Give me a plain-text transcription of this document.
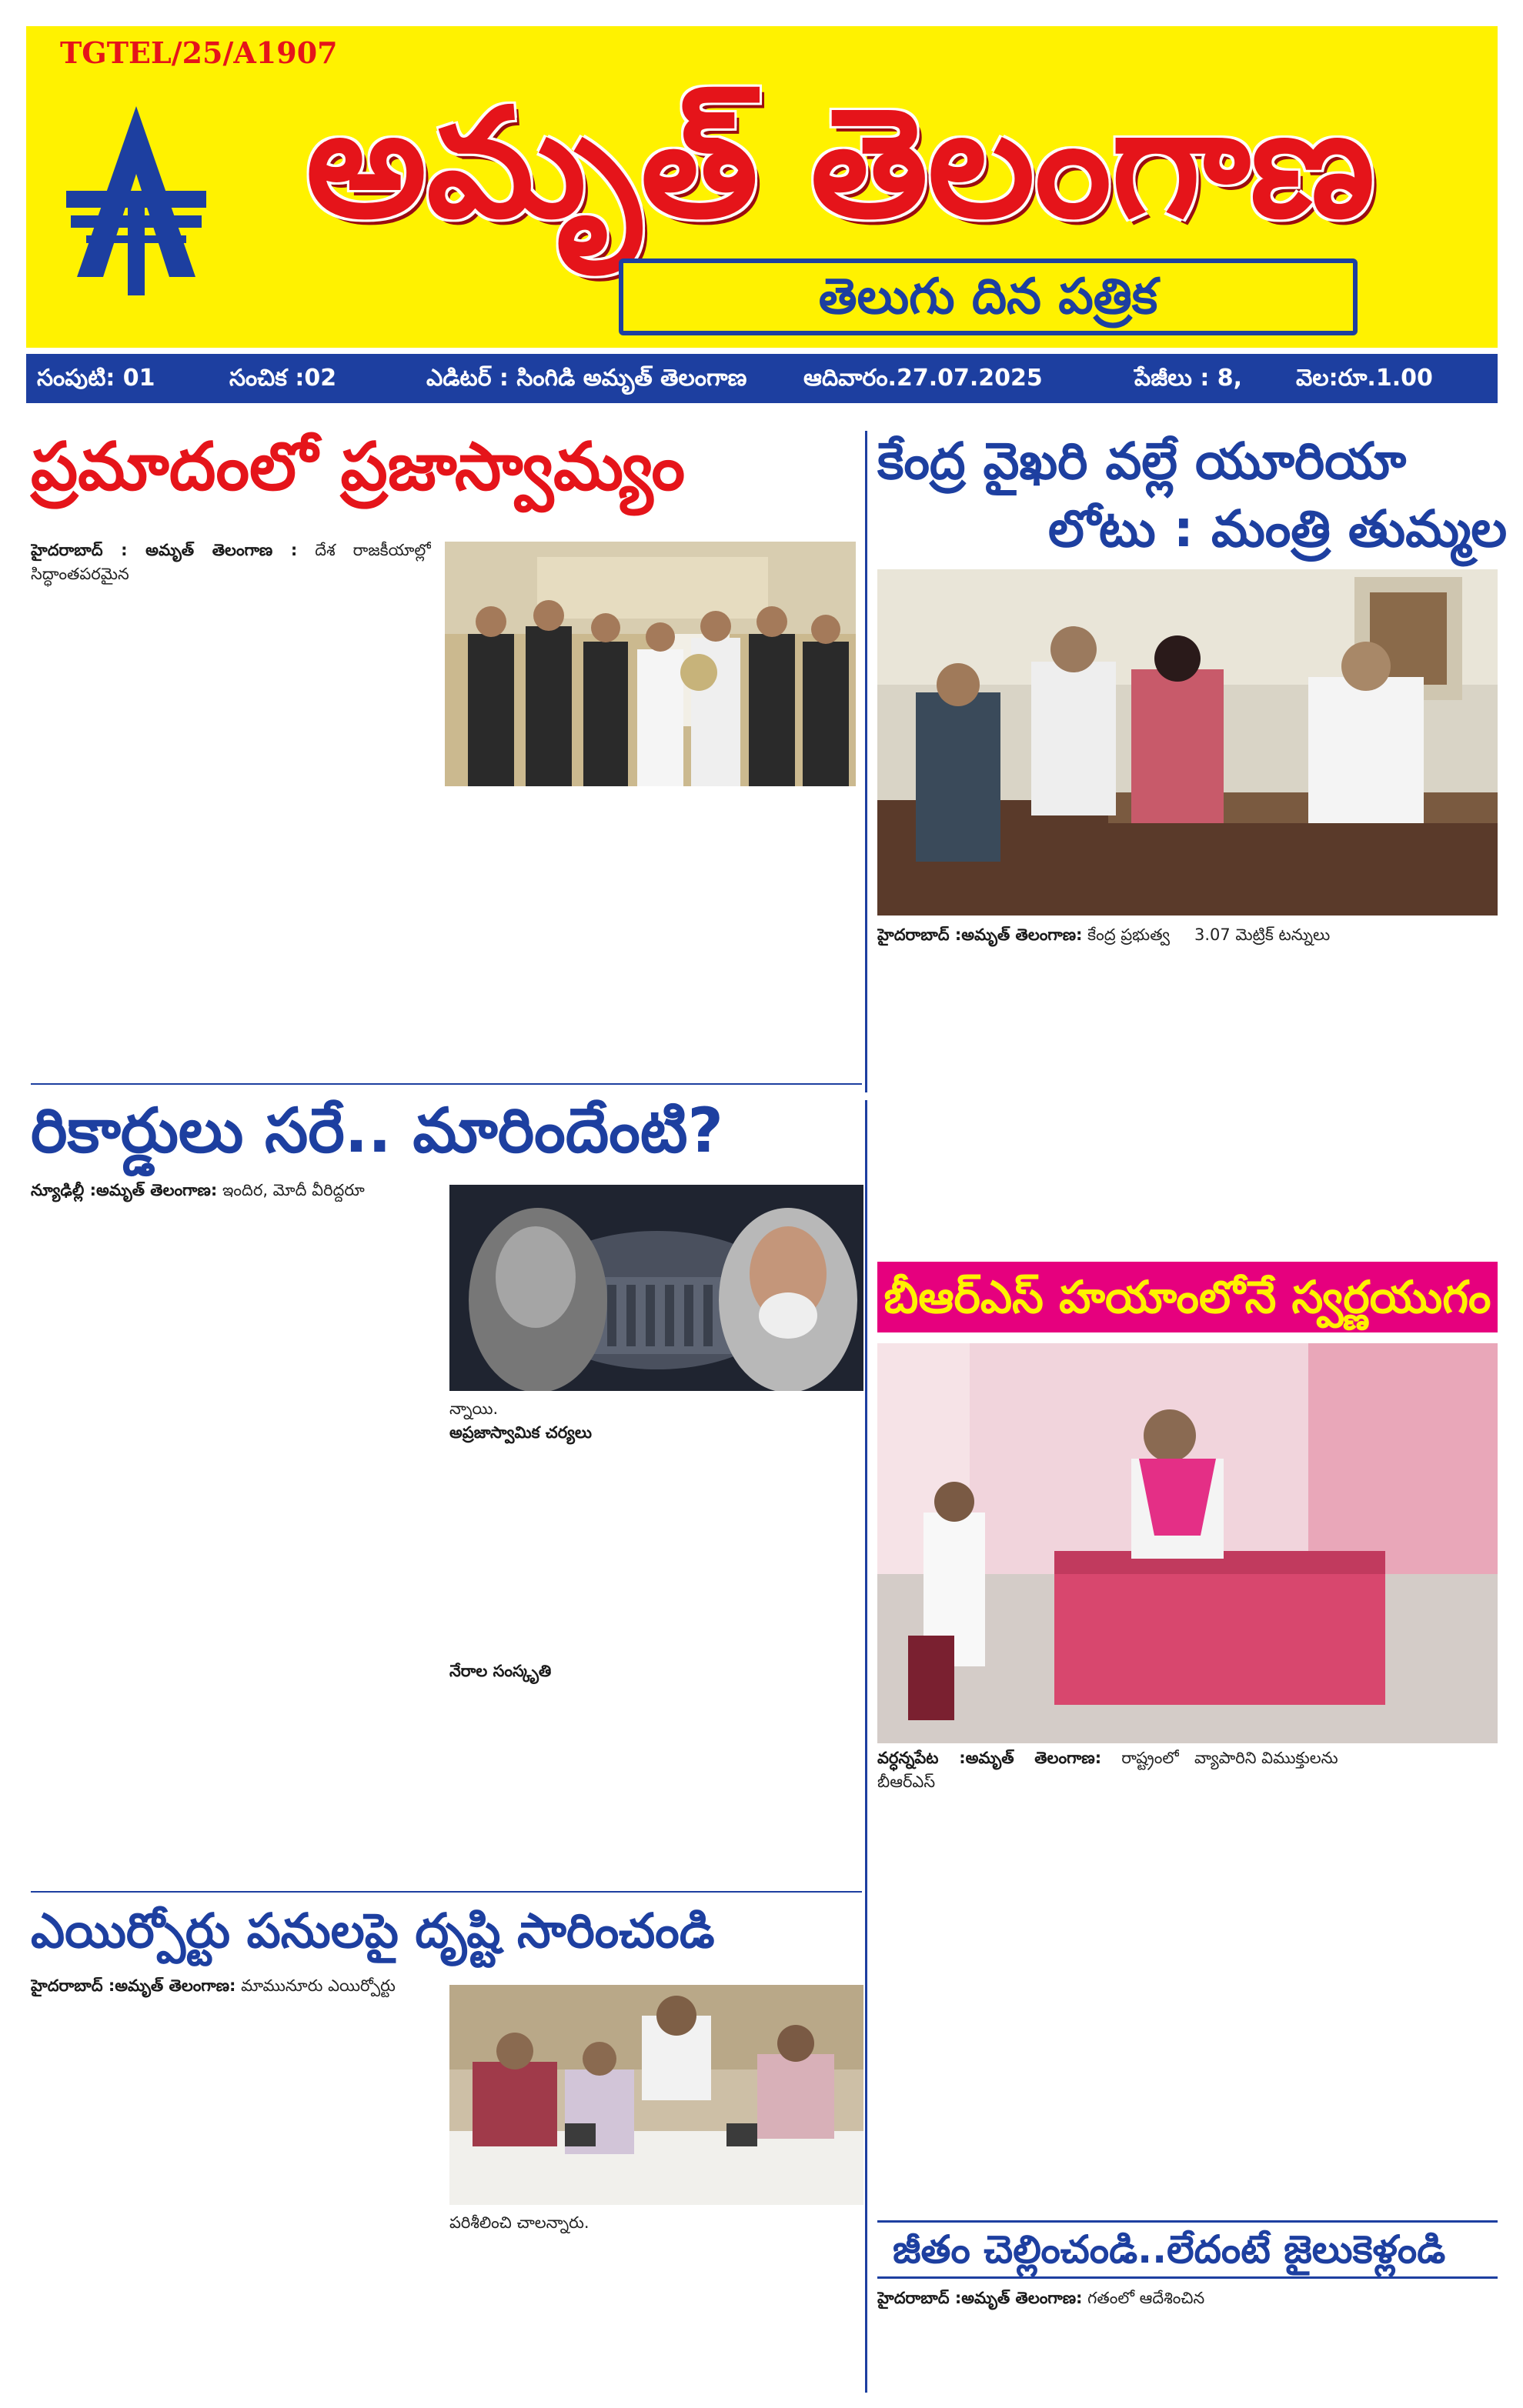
TGTEL/25/A1907
అమృత్ తెలంగాణ
తెలుగు దిన పత్రిక
సంపుటి: 01	సంచిక :02	ఎడిటర్ : సింగిడి అమృత్ తెలంగాణ ఆదివారం.27.07.2025	పేజీలు : 8, వెల:రూ.1.00
ప్రమాదంలో ప్రజాస్వామ్యం
హైదరాబాద్ : అమృత్ తెలంగాణ : దేశ రాజకీయాల్లో సిద్ధాంతపరమైన
కేంద్ర వైఖరి వల్లే యూరియా
లోటు : మంత్రి తుమ్మల
హైదరాబాద్ :అమృత్ తెలంగాణ: కేంద్ర ప్రభుత్వ	3.07 మెట్రిక్ టన్నులు
రికార్డులు సరే.. మారిందేంటి?
న్యూఢిల్లీ :అమృత్ తెలంగాణ: ఇందిర, మోదీ వీరిద్దరూ
న్నాయి.
అప్రజాస్వామిక చర్యలు

నేరాల సంస్కృతి
బీఆర్ఎస్ హయాంలోనే స్వర్ణయుగం
వర్ధన్నపేట :అమృత్ తెలంగాణ: రాష్ట్రంలో బీఆర్ఎస్
వ్యాపారిని విముక్తులను
ఎయిర్పోర్టు పనులపై దృష్టి సారించండి
హైదరాబాద్ :అమృత్ తెలంగాణ: మామునూరు ఎయిర్పోర్టు
పరిశీలించి చాలన్నారు.
జీతం చెల్లించండి..లేదంటే జైలుకెళ్లండి
హైదరాబాద్ :అమృత్ తెలంగాణ: గతంలో ఆదేశించిన
